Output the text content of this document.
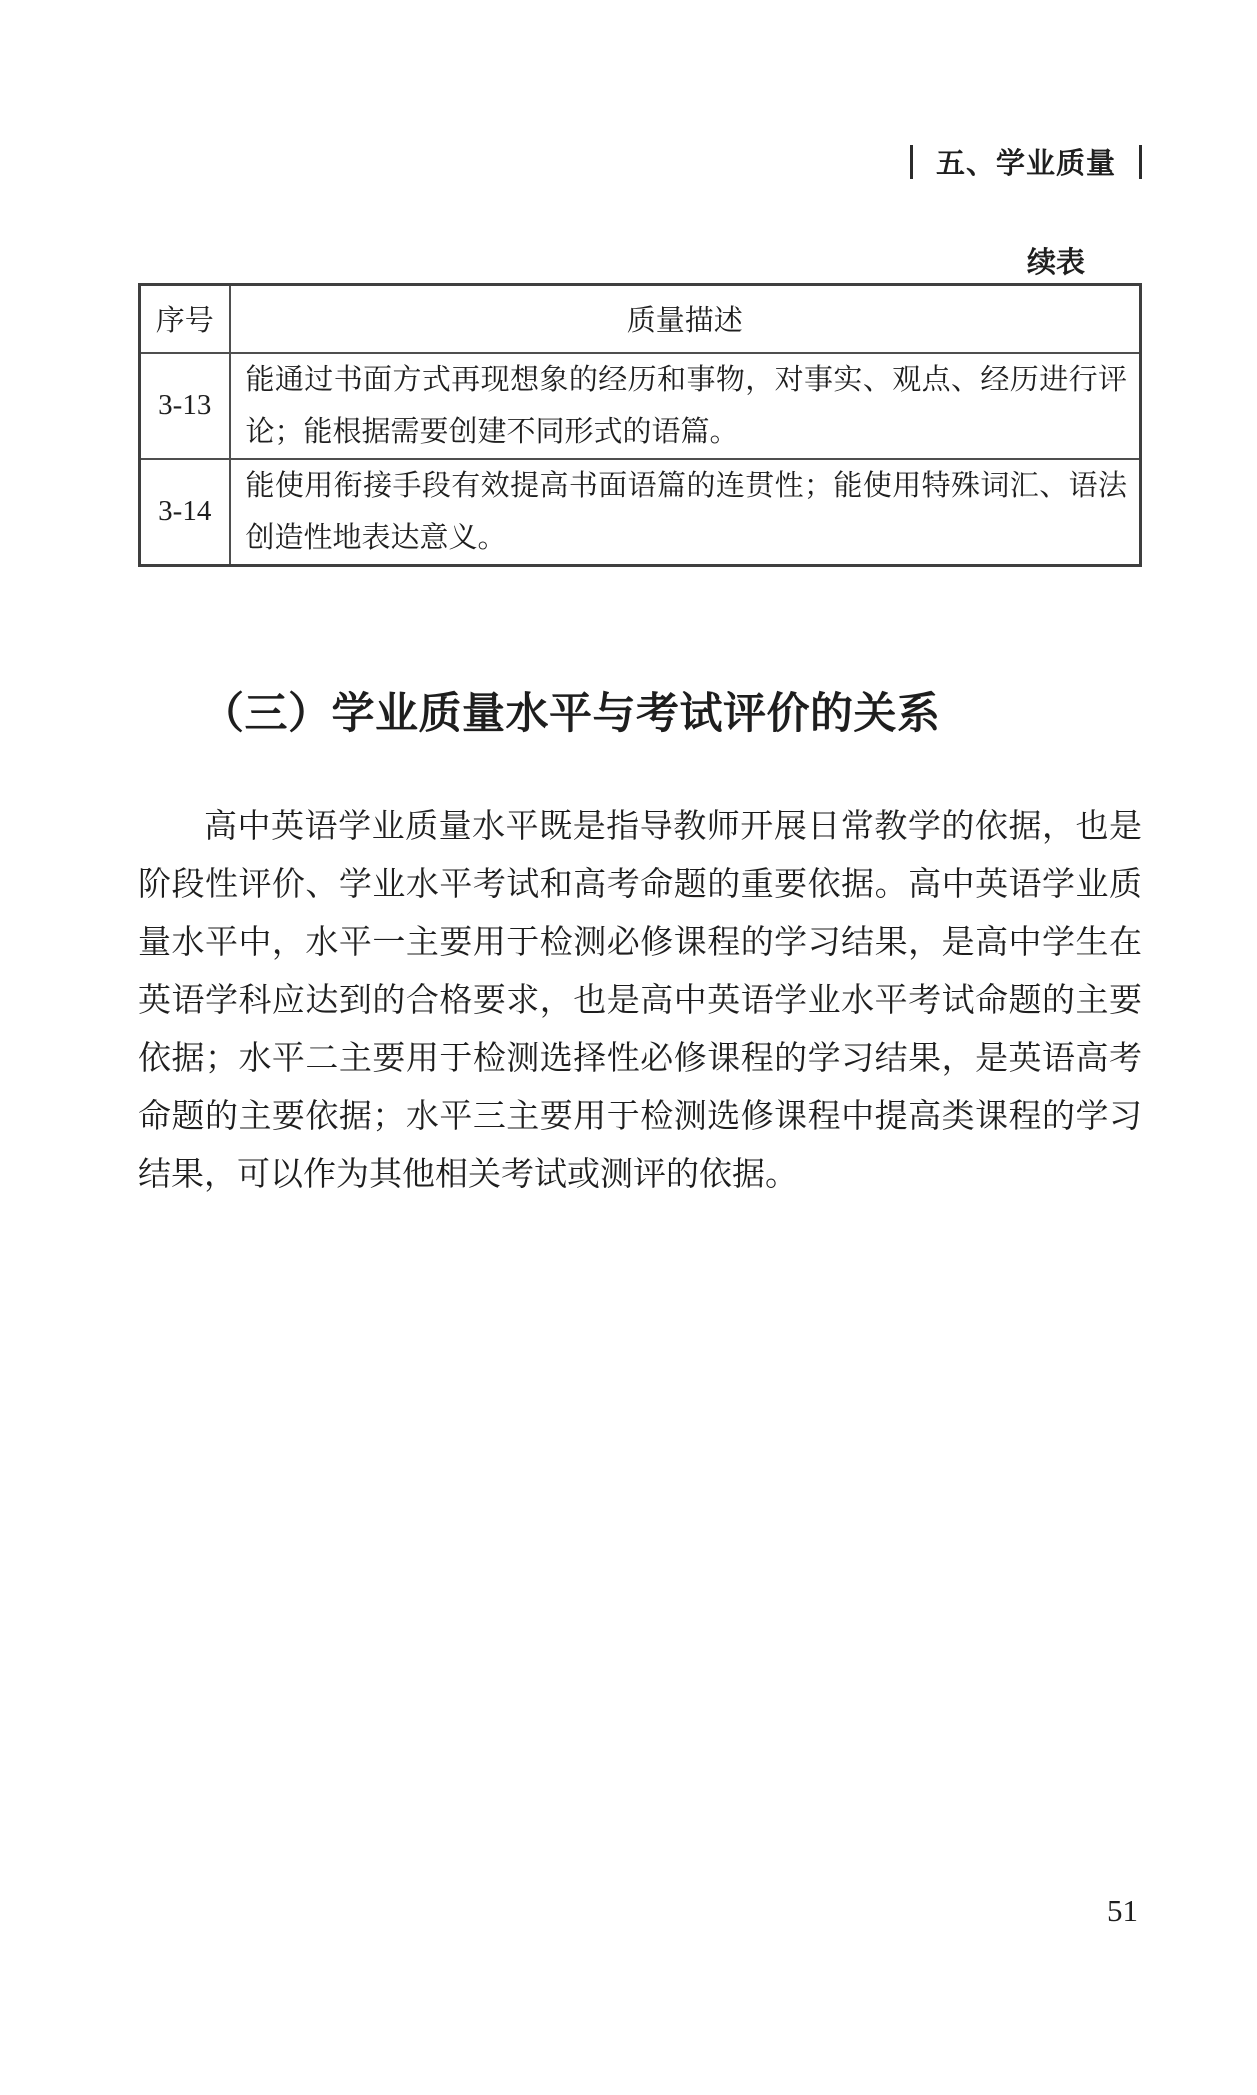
五、学业质量
续表
序号	质量描述
3-13	能通过书面方式再现想象的经历和事物，对事实、观点、经历进行评论；能根据需要创建不同形式的语篇。
3-14	能使用衔接手段有效提高书面语篇的连贯性；能使用特殊词汇、语法创造性地表达意义。
（三）学业质量水平与考试评价的关系

高中英语学业质量水平既是指导教师开展日常教学的依据，也是阶段性评价、学业水平考试和高考命题的重要依据。高中英语学业质量水平中，水平一主要用于检测必修课程的学习结果，是高中学生在英语学科应达到的合格要求，也是高中英语学业水平考试命题的主要依据；水平二主要用于检测选择性必修课程的学习结果，是英语高考命题的主要依据；水平三主要用于检测选修课程中提高类课程的学习结果，可以作为其他相关考试或测评的依据。

51
